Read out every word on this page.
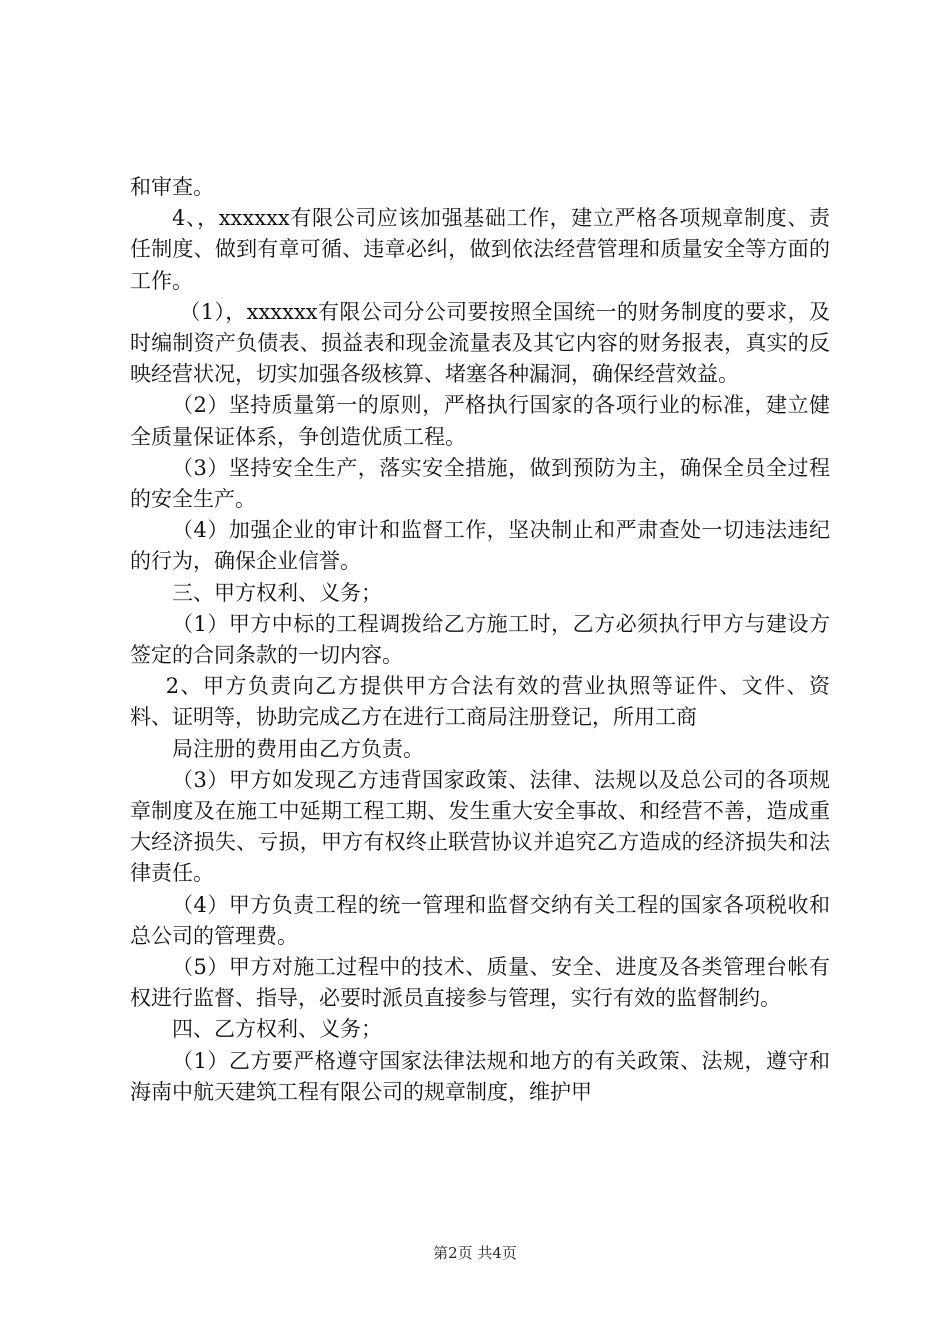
和审查。

4、，xxxxxx有限公司应该加强基础工作，建立严格各项规章制度、责任制度、做到有章可循、违章必纠，做到依法经营管理和质量安全等方面的工作。

（1），xxxxxx有限公司分公司要按照全国统一的财务制度的要求，及时编制资产负债表、损益表和现金流量表及其它内容的财务报表，真实的反映经营状况，切实加强各级核算、堵塞各种漏洞，确保经营效益。

（2）坚持质量第一的原则，严格执行国家的各项行业的标准，建立健全质量保证体系，争创造优质工程。

（3）坚持安全生产，落实安全措施，做到预防为主，确保全员全过程的安全生产。

（4）加强企业的审计和监督工作，坚决制止和严肃查处一切违法违纪的行为，确保企业信誉。

三、甲方权利、义务；

（1）甲方中标的工程调拨给乙方施工时，乙方必须执行甲方与建设方签定的合同条款的一切内容。

2、甲方负责向乙方提供甲方合法有效的营业执照等证件、文件、资料、证明等，协助完成乙方在进行工商局注册登记，所用工商

局注册的费用由乙方负责。

（3）甲方如发现乙方违背国家政策、法律、法规以及总公司的各项规章制度及在施工中延期工程工期、发生重大安全事故、和经营不善，造成重大经济损失、亏损，甲方有权终止联营协议并追究乙方造成的经济损失和法律责任。

（4）甲方负责工程的统一管理和监督交纳有关工程的国家各项税收和总公司的管理费。

（5）甲方对施工过程中的技术、质量、安全、进度及各类管理台帐有权进行监督、指导，必要时派员直接参与管理，实行有效的监督制约。

四、乙方权利、义务；

（1）乙方要严格遵守国家法律法规和地方的有关政策、法规，遵守和海南中航天建筑工程有限公司的规章制度，维护甲

第2页 共4页
